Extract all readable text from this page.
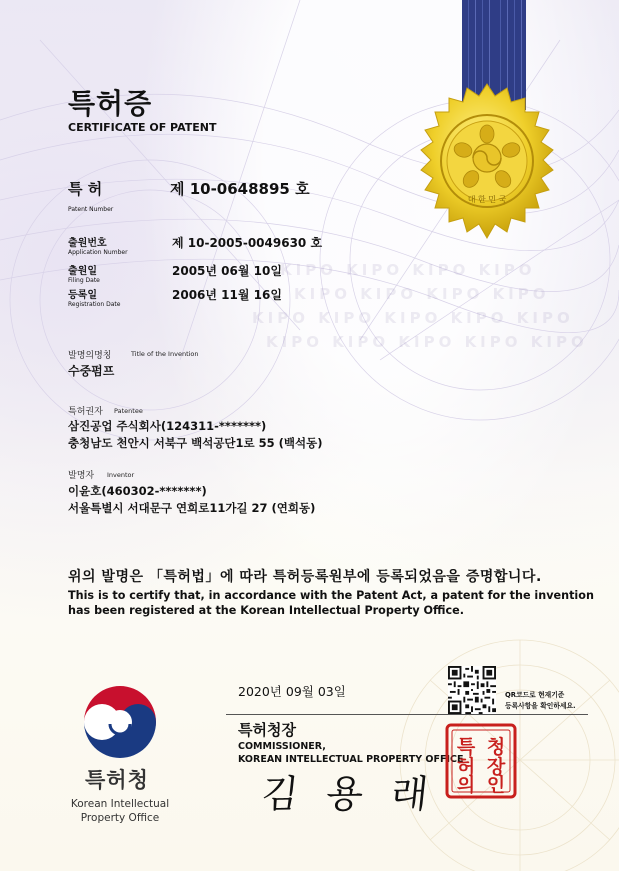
KIPO KIPO KIPO KIPO
KIPO KIPO KIPO KIPO
KIPO KIPO KIPO KIPO KIPO
KIPO KIPO KIPO KIPO KIPO
대 한 민 국
특허증
CERTIFICATE OF PATENT
특 허
Patent Number
제 10-0648895 호
출원번호
Application Number
제 10-2005-0049630 호
출원일
Filing Date
2005년 06월 10일
등록일
Registration Date
2006년 11월 16일
발명의명칭	Title of the Invention
수중펌프
특허권자 Patentee
삼진공업 주식회사(124311-*******)
충청남도 천안시 서북구 백석공단1로 55 (백석동)
발명자 Inventor
이윤호(460302-*******)
서울특별시 서대문구 연희로11가길 27 (연희동)
위의 발명은 「특허법」에 따라 특허등록원부에 등록되었음을 증명합니다.
This is to certify that, in accordance with the Patent Act, a patent for the invention
has been registered at the Korean Intellectual Property Office.
2020년 09월 03일	QR코드로 현재기준
등록사항을 확인하세요.
특허청장
COMMISSIONER,
KOREAN INTELLECTUAL PROPERTY OFFICE
김 용 래
특 청
허 장
의 인
특허청
Korean Intellectual
Property Office
